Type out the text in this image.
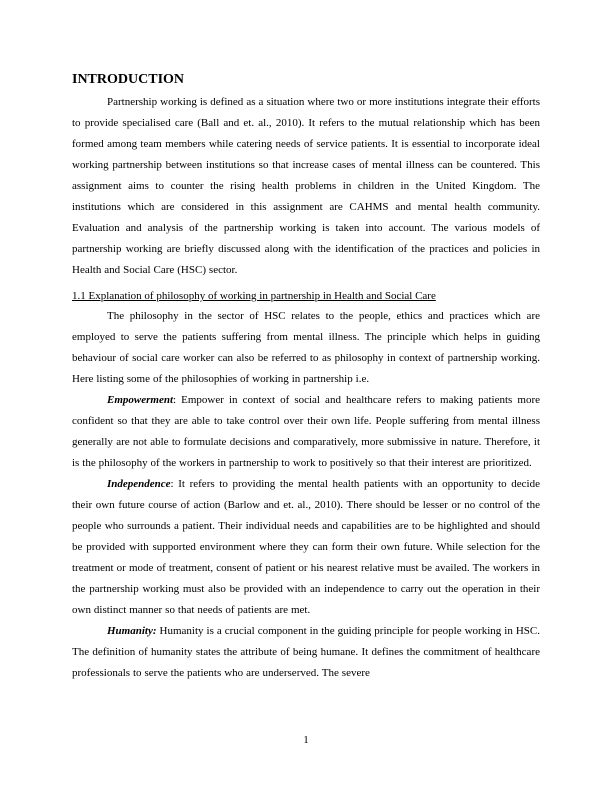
INTRODUCTION

Partnership working is defined as a situation where two or more institutions integrate their efforts to provide specialised care (Ball and et. al., 2010). It refers to the mutual relationship which has been formed among team members while catering needs of service patients. It is essential to incorporate ideal working partnership between institutions so that increase cases of mental illness can be countered. This assignment aims to counter the rising health problems in children in the United Kingdom. The institutions which are considered in this assignment are CAHMS and mental health community. Evaluation and analysis of the partnership working is taken into account. The various models of partnership working are briefly discussed along with the identification of the practices and policies in Health and Social Care (HSC) sector.

1.1 Explanation of philosophy of working in partnership in Health and Social Care

The philosophy in the sector of HSC relates to the people, ethics and practices which are employed to serve the patients suffering from mental illness. The principle which helps in guiding behaviour of social care worker can also be referred to as philosophy in context of partnership working. Here listing some of the philosophies of working in partnership i.e.

Empowerment: Empower in context of social and healthcare refers to making patients more confident so that they are able to take control over their own life. People suffering from mental illness generally are not able to formulate decisions and comparatively, more submissive in nature. Therefore, it is the philosophy of the workers in partnership to work to positively so that their interest are prioritized.

Independence: It refers to providing the mental health patients with an opportunity to decide their own future course of action (Barlow and et. al., 2010). There should be lesser or no control of the people who surrounds a patient. Their individual needs and capabilities are to be highlighted and should be provided with supported environment where they can form their own future. While selection for the treatment or mode of treatment, consent of patient or his nearest relative must be availed. The workers in the partnership working must also be provided with an independence to carry out the operation in their own distinct manner so that needs of patients are met.

Humanity: Humanity is a crucial component in the guiding principle for people working in HSC. The definition of humanity states the attribute of being humane. It defines the commitment of healthcare professionals to serve the patients who are underserved. The severe

1
